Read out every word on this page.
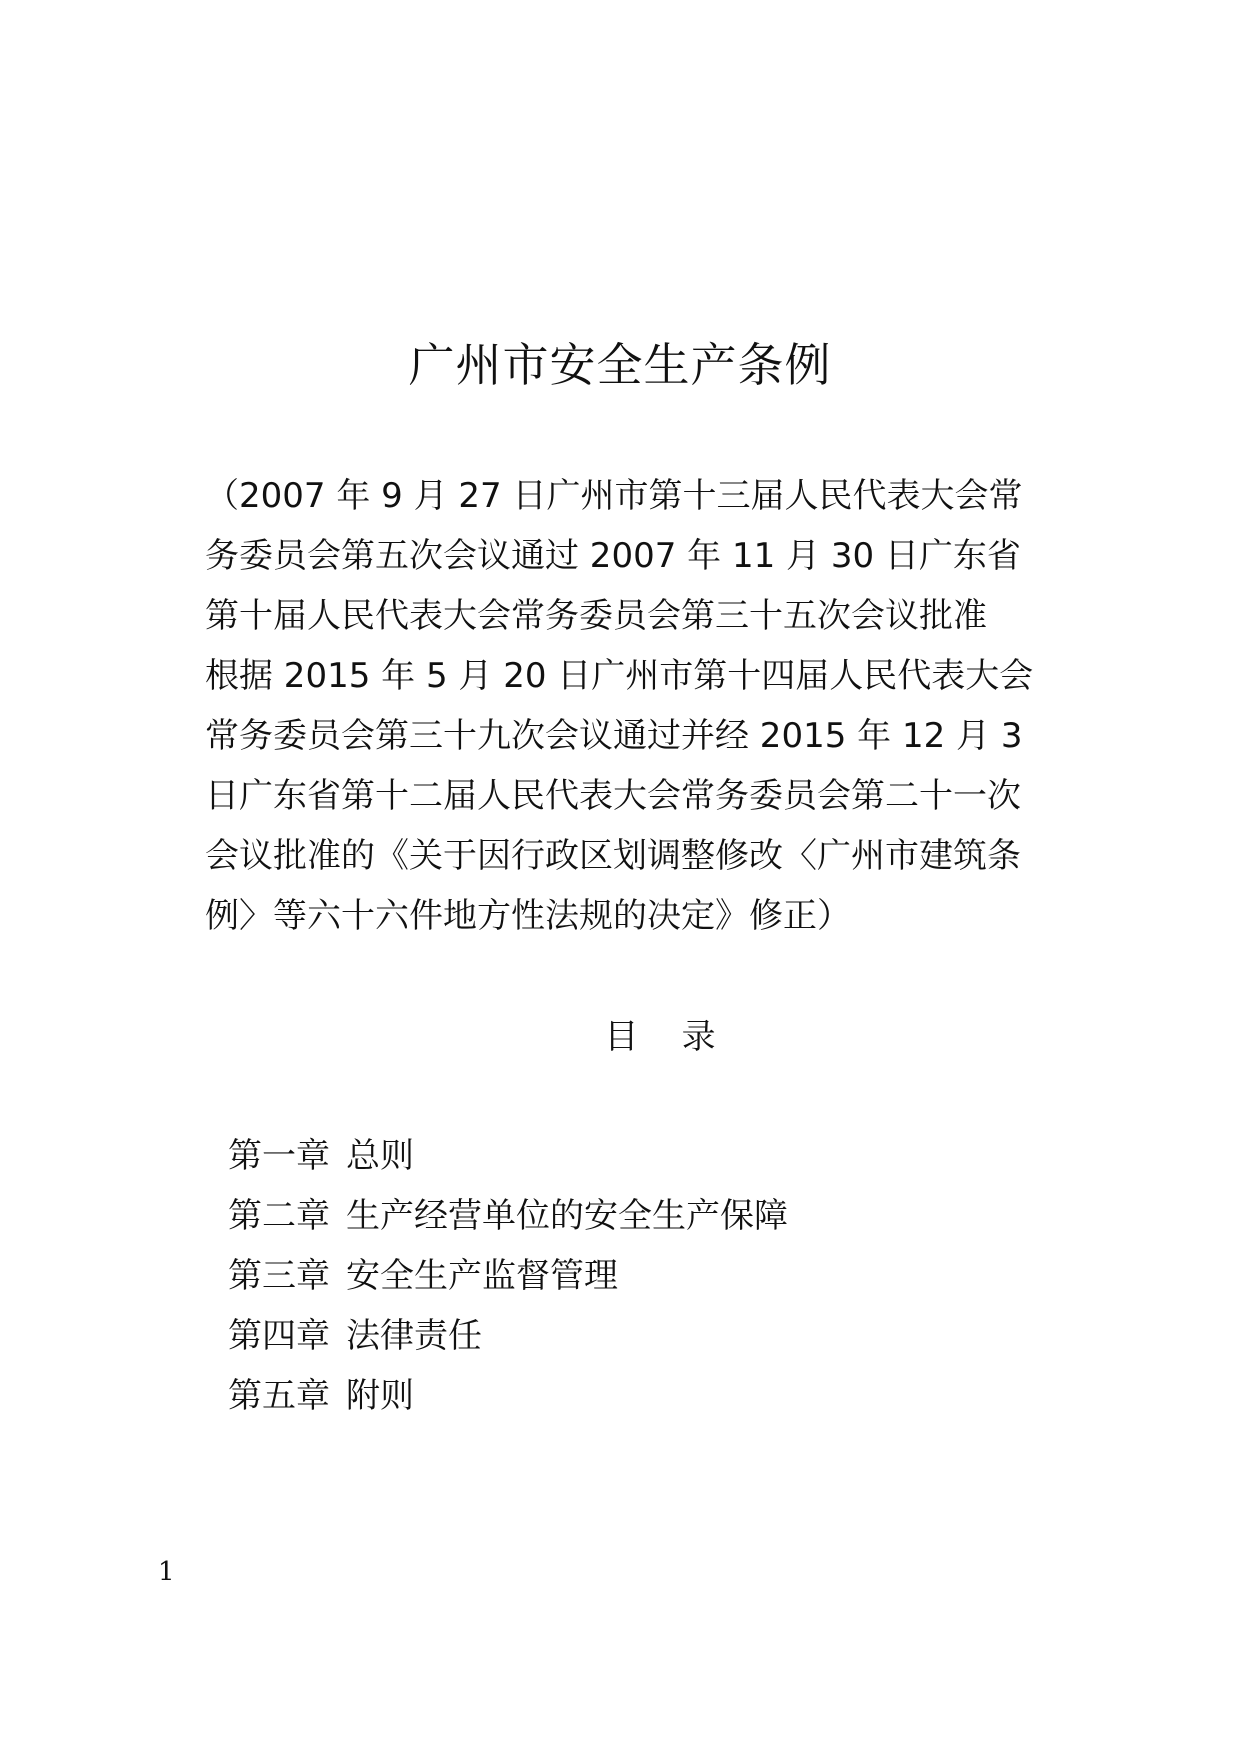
广州市安全生产条例
（2007 年 9 月 27 日广州市第十三届人民代表大会常
务委员会第五次会议通过 2007 年 11 月 30 日广东省
第十届人民代表大会常务委员会第三十五次会议批准
根据 2015 年 5 月 20 日广州市第十四届人民代表大会
常务委员会第三十九次会议通过并经 2015 年 12 月 3
日广东省第十二届人民代表大会常务委员会第二十一次
会议批准的《关于因行政区划调整修改〈广州市建筑条
例〉等六十六件地方性法规的决定》修正）
目    录
第一章 总则
第二章 生产经营单位的安全生产保障
第三章 安全生产监督管理
第四章 法律责任
第五章 附则
1
